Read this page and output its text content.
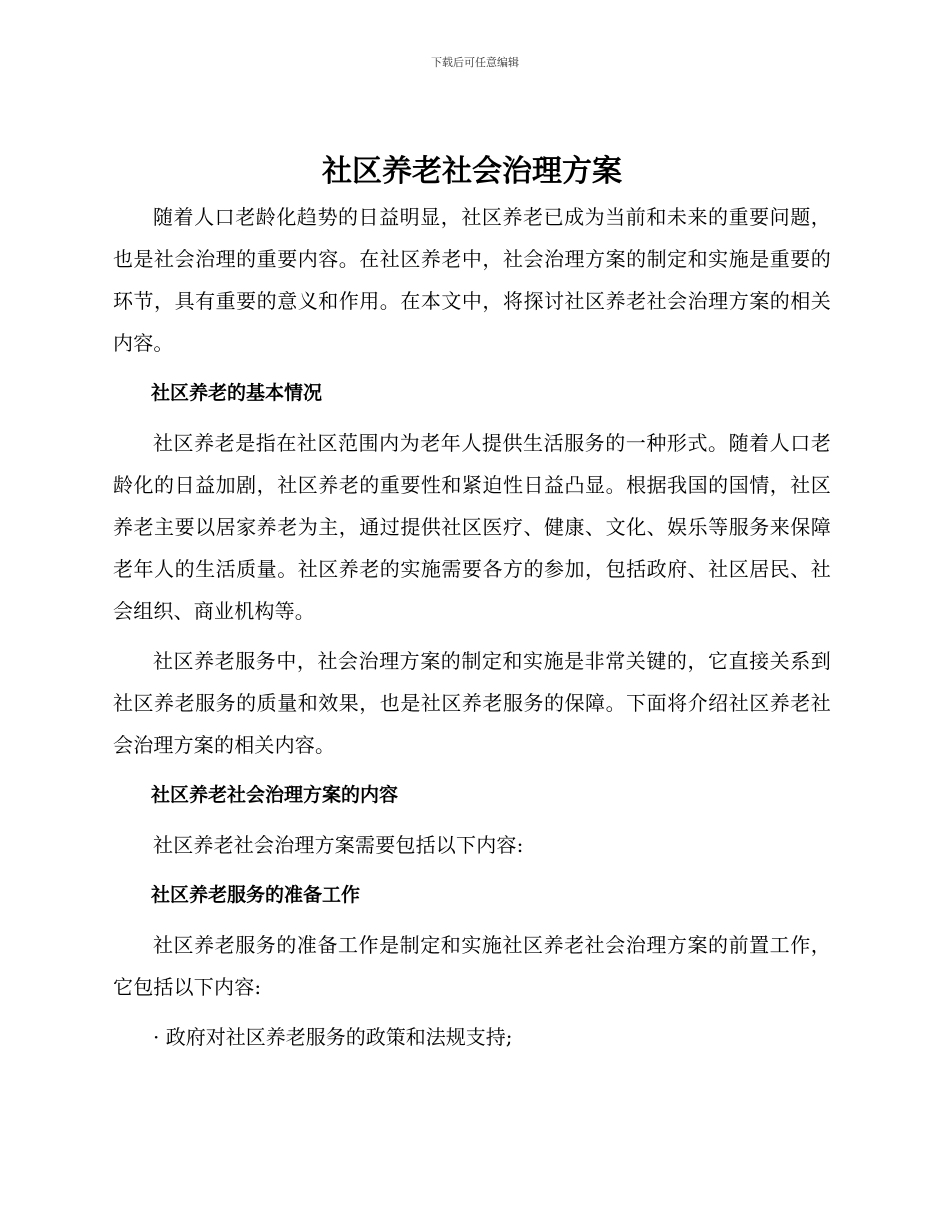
下载后可任意编辑
社区养老社会治理方案

随着人口老龄化趋势的日益明显，社区养老已成为当前和未来的重要问题，也是社会治理的重要内容。在社区养老中，社会治理方案的制定和实施是重要的环节，具有重要的意义和作用。在本文中，将探讨社区养老社会治理方案的相关内容。

社区养老的基本情况

社区养老是指在社区范围内为老年人提供生活服务的一种形式。随着人口老龄化的日益加剧，社区养老的重要性和紧迫性日益凸显。根据我国的国情，社区养老主要以居家养老为主，通过提供社区医疗、健康、文化、娱乐等服务来保障老年人的生活质量。社区养老的实施需要各方的参加，包括政府、社区居民、社会组织、商业机构等。

社区养老服务中，社会治理方案的制定和实施是非常关键的，它直接关系到社区养老服务的质量和效果，也是社区养老服务的保障。下面将介绍社区养老社会治理方案的相关内容。

社区养老社会治理方案的内容

社区养老社会治理方案需要包括以下内容:

社区养老服务的准备工作

社区养老服务的准备工作是制定和实施社区养老社会治理方案的前置工作，它包括以下内容:

· 政府对社区养老服务的政策和法规支持;
